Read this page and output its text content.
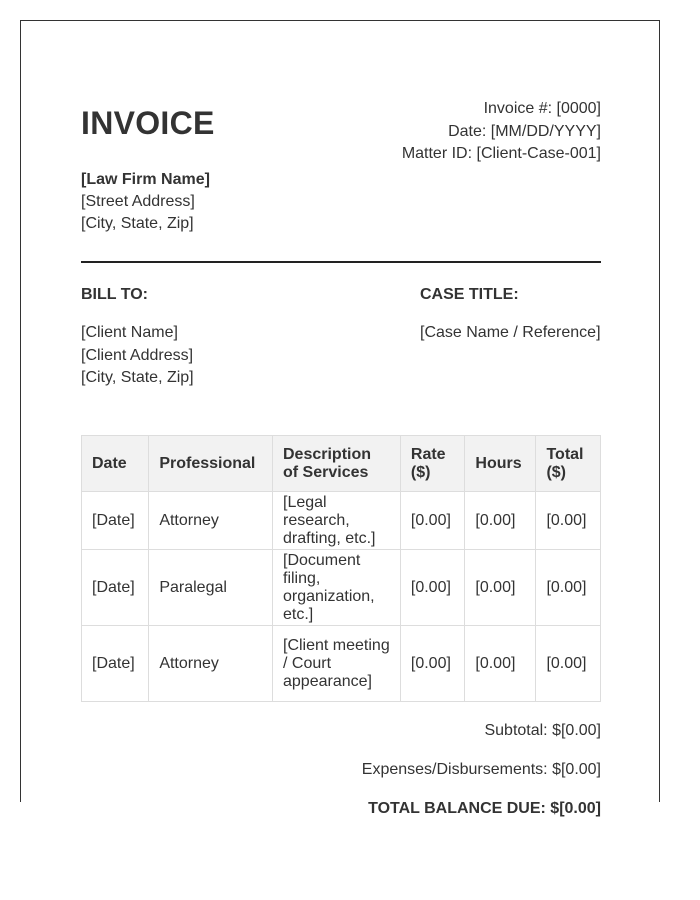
INVOICE	Invoice #: [0000]
Date: [MM/DD/YYYY]
Matter ID: [Client-Case-001]
[Law Firm Name]
[Street Address]
[City, State, Zip]
BILL TO:	CASE TITLE:
[Client Name]
[Client Address]
[City, State, Zip]
[Case Name / Reference]
Date	Professional	Description of Services	Rate ($)	Hours	Total ($)
[Date]	Attorney	[Legal research, drafting, etc.]	[0.00]	[0.00]	[0.00]
[Date]	Paralegal	[Document filing, organization, etc.]	[0.00]	[0.00]	[0.00]
[Date]	Attorney	[Client meeting / Court appearance]	[0.00]	[0.00]	[0.00]
Subtotal: $[0.00]
Expenses/Disbursements: $[0.00]
TOTAL BALANCE DUE: $[0.00]
